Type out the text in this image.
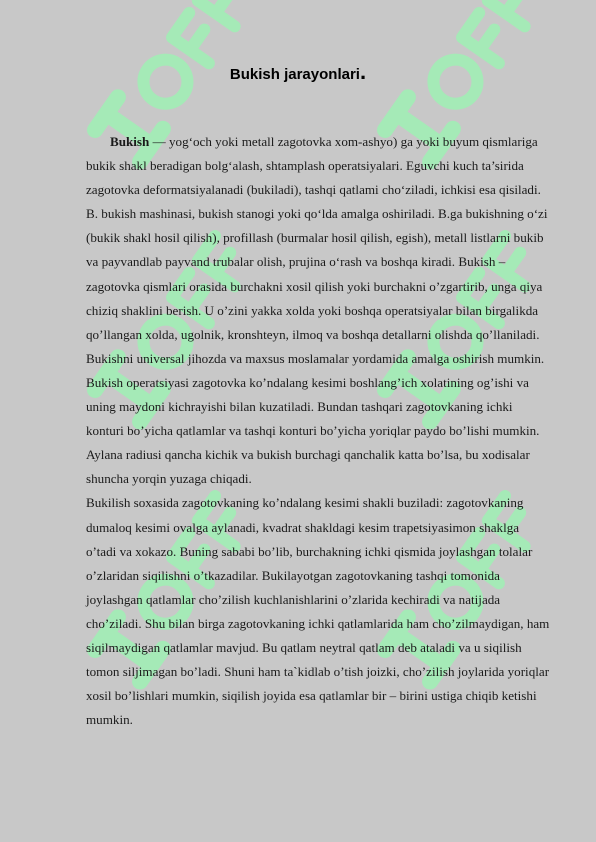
Bukish jarayonlari.

Bukish — yog‘och yoki metall zagotovka xom-ashyo) ga yoki buyum qismlariga bukik shakl beradigan bolg‘alash, shtamplash operatsiyalari. Eguvchi kuch ta’sirida zagotovka deformatsiyalanadi (bukiladi), tashqi qatlami cho‘ziladi, ichkisi esa qisiladi. B. bukish mashinasi, bukish stanogi yoki qo‘lda amalga oshiriladi. B.ga bukishning o‘zi (bukik shakl hosil qilish), profillash (burmalar hosil qilish, egish), metall listlarni bukib va payvandlab payvand trubalar olish, prujina o‘rash va boshqa kiradi. Bukish – zagotovka qismlari orasida burchakni xosil qilish yoki burchakni o’zgartirib, unga qiya chiziq shaklini berish. U o’zini yakka xolda yoki boshqa operatsiyalar bilan birgalikda qo’llangan xolda, ugolnik, kronshteyn, ilmoq va boshqa detallarni olishda qo’llaniladi.

Bukishni universal jihozda va maxsus moslamalar yordamida amalga oshirish mumkin. Bukish operatsiyasi zagotovka ko’ndalang kesimi boshlang’ich xolatining og’ishi va uning maydoni kichrayishi bilan kuzatiladi. Bundan tashqari zagotovkaning ichki konturi bo’yicha qatlamlar va tashqi konturi bo’yicha yoriqlar paydo bo’lishi mumkin. Aylana radiusi qancha kichik va bukish burchagi qanchalik katta bo’lsa, bu xodisalar shuncha yorqin yuzaga chiqadi.

Bukilish soxasida zagotovkaning ko’ndalang kesimi shakli buziladi: zagotovkaning dumaloq kesimi ovalga aylanadi, kvadrat shakldagi kesim trapetsiyasimon shaklga o’tadi va xokazo. Buning sababi bo’lib, burchakning ichki qismida joylashgan tolalar o’zlaridan siqilishni o’tkazadilar. Bukilayotgan zagotovkaning tashqi tomonida joylashgan qatlamlar cho’zilish kuchlanishlarini o’zlarida kechiradi va natijada cho’ziladi. Shu bilan birga zagotovkaning ichki qatlamlarida ham cho’zilmaydigan, ham siqilmaydigan qatlamlar mavjud. Bu qatlam neytral qatlam deb ataladi va u siqilish tomon siljimagan bo’ladi. Shuni ham ta`kidlab o’tish joizki, cho’zilish joylarida yoriqlar xosil bo’lishlari mumkin, siqilish joyida esa qatlamlar bir – birini ustiga chiqib ketishi mumkin.
